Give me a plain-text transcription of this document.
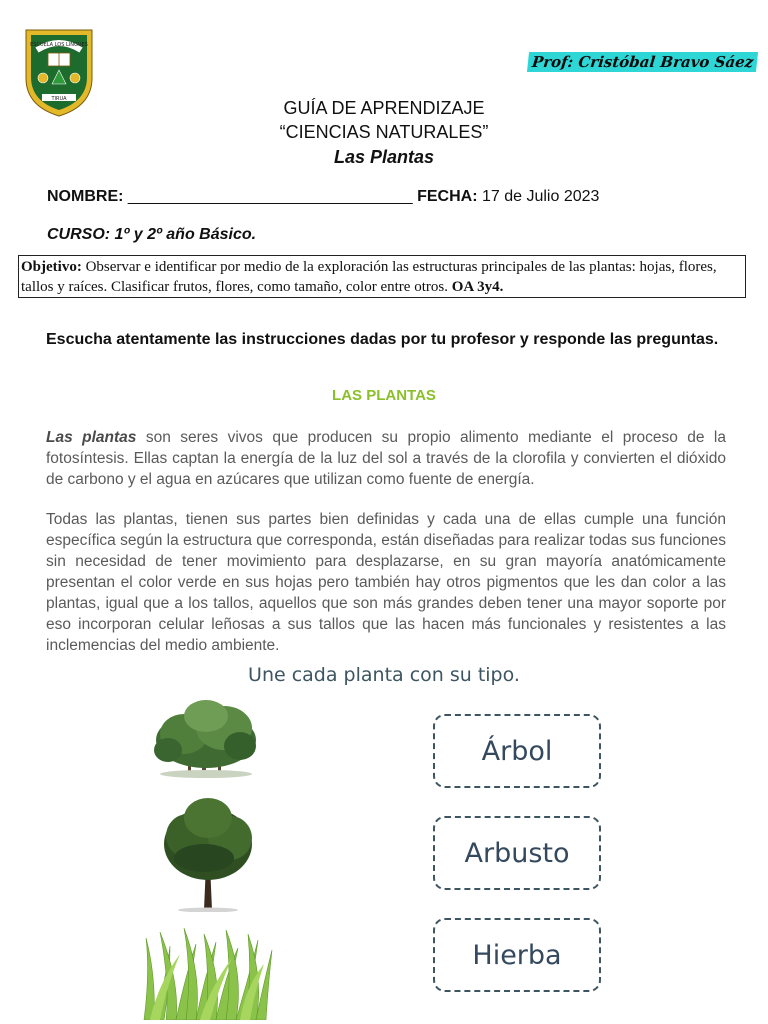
ESCUELA LOS LINGUES
TIRUA
Prof: Cristóbal Bravo Sáez
GUÍA DE APRENDIZAJE
“CIENCIAS NATURALES”
Las Plantas
NOMBRE: ________________________________ FECHA: 17 de Julio 2023
CURSO: 1º y 2º año Básico.
Objetivo: Observar e identificar por medio de la exploración las estructuras principales de las plantas: hojas, flores, tallos y raíces. Clasificar frutos, flores, como tamaño, color entre otros. OA 3y4.
Escucha atentamente las instrucciones dadas por tu profesor y responde las preguntas.
LAS PLANTAS
Las plantas son seres vivos que producen su propio alimento mediante el proceso de la fotosíntesis. Ellas captan la energía de la luz del sol a través de la clorofila y convierten el dióxido de carbono y el agua en azúcares que utilizan como fuente de energía.
Todas las plantas, tienen sus partes bien definidas y cada una de ellas cumple una función específica según la estructura que corresponda, están diseñadas para realizar todas sus funciones sin necesidad de tener movimiento para desplazarse, en su gran mayoría anatómicamente presentan el color verde en sus hojas pero también hay otros pigmentos que les dan color a las plantas, igual que a los tallos, aquellos que son más grandes deben tener una mayor soporte por eso incorporan celular leñosas a sus tallos que las hacen más funcionales y resistentes a las inclemencias del medio ambiente.
Une cada planta con su tipo.
Árbol
Arbusto
Hierba
